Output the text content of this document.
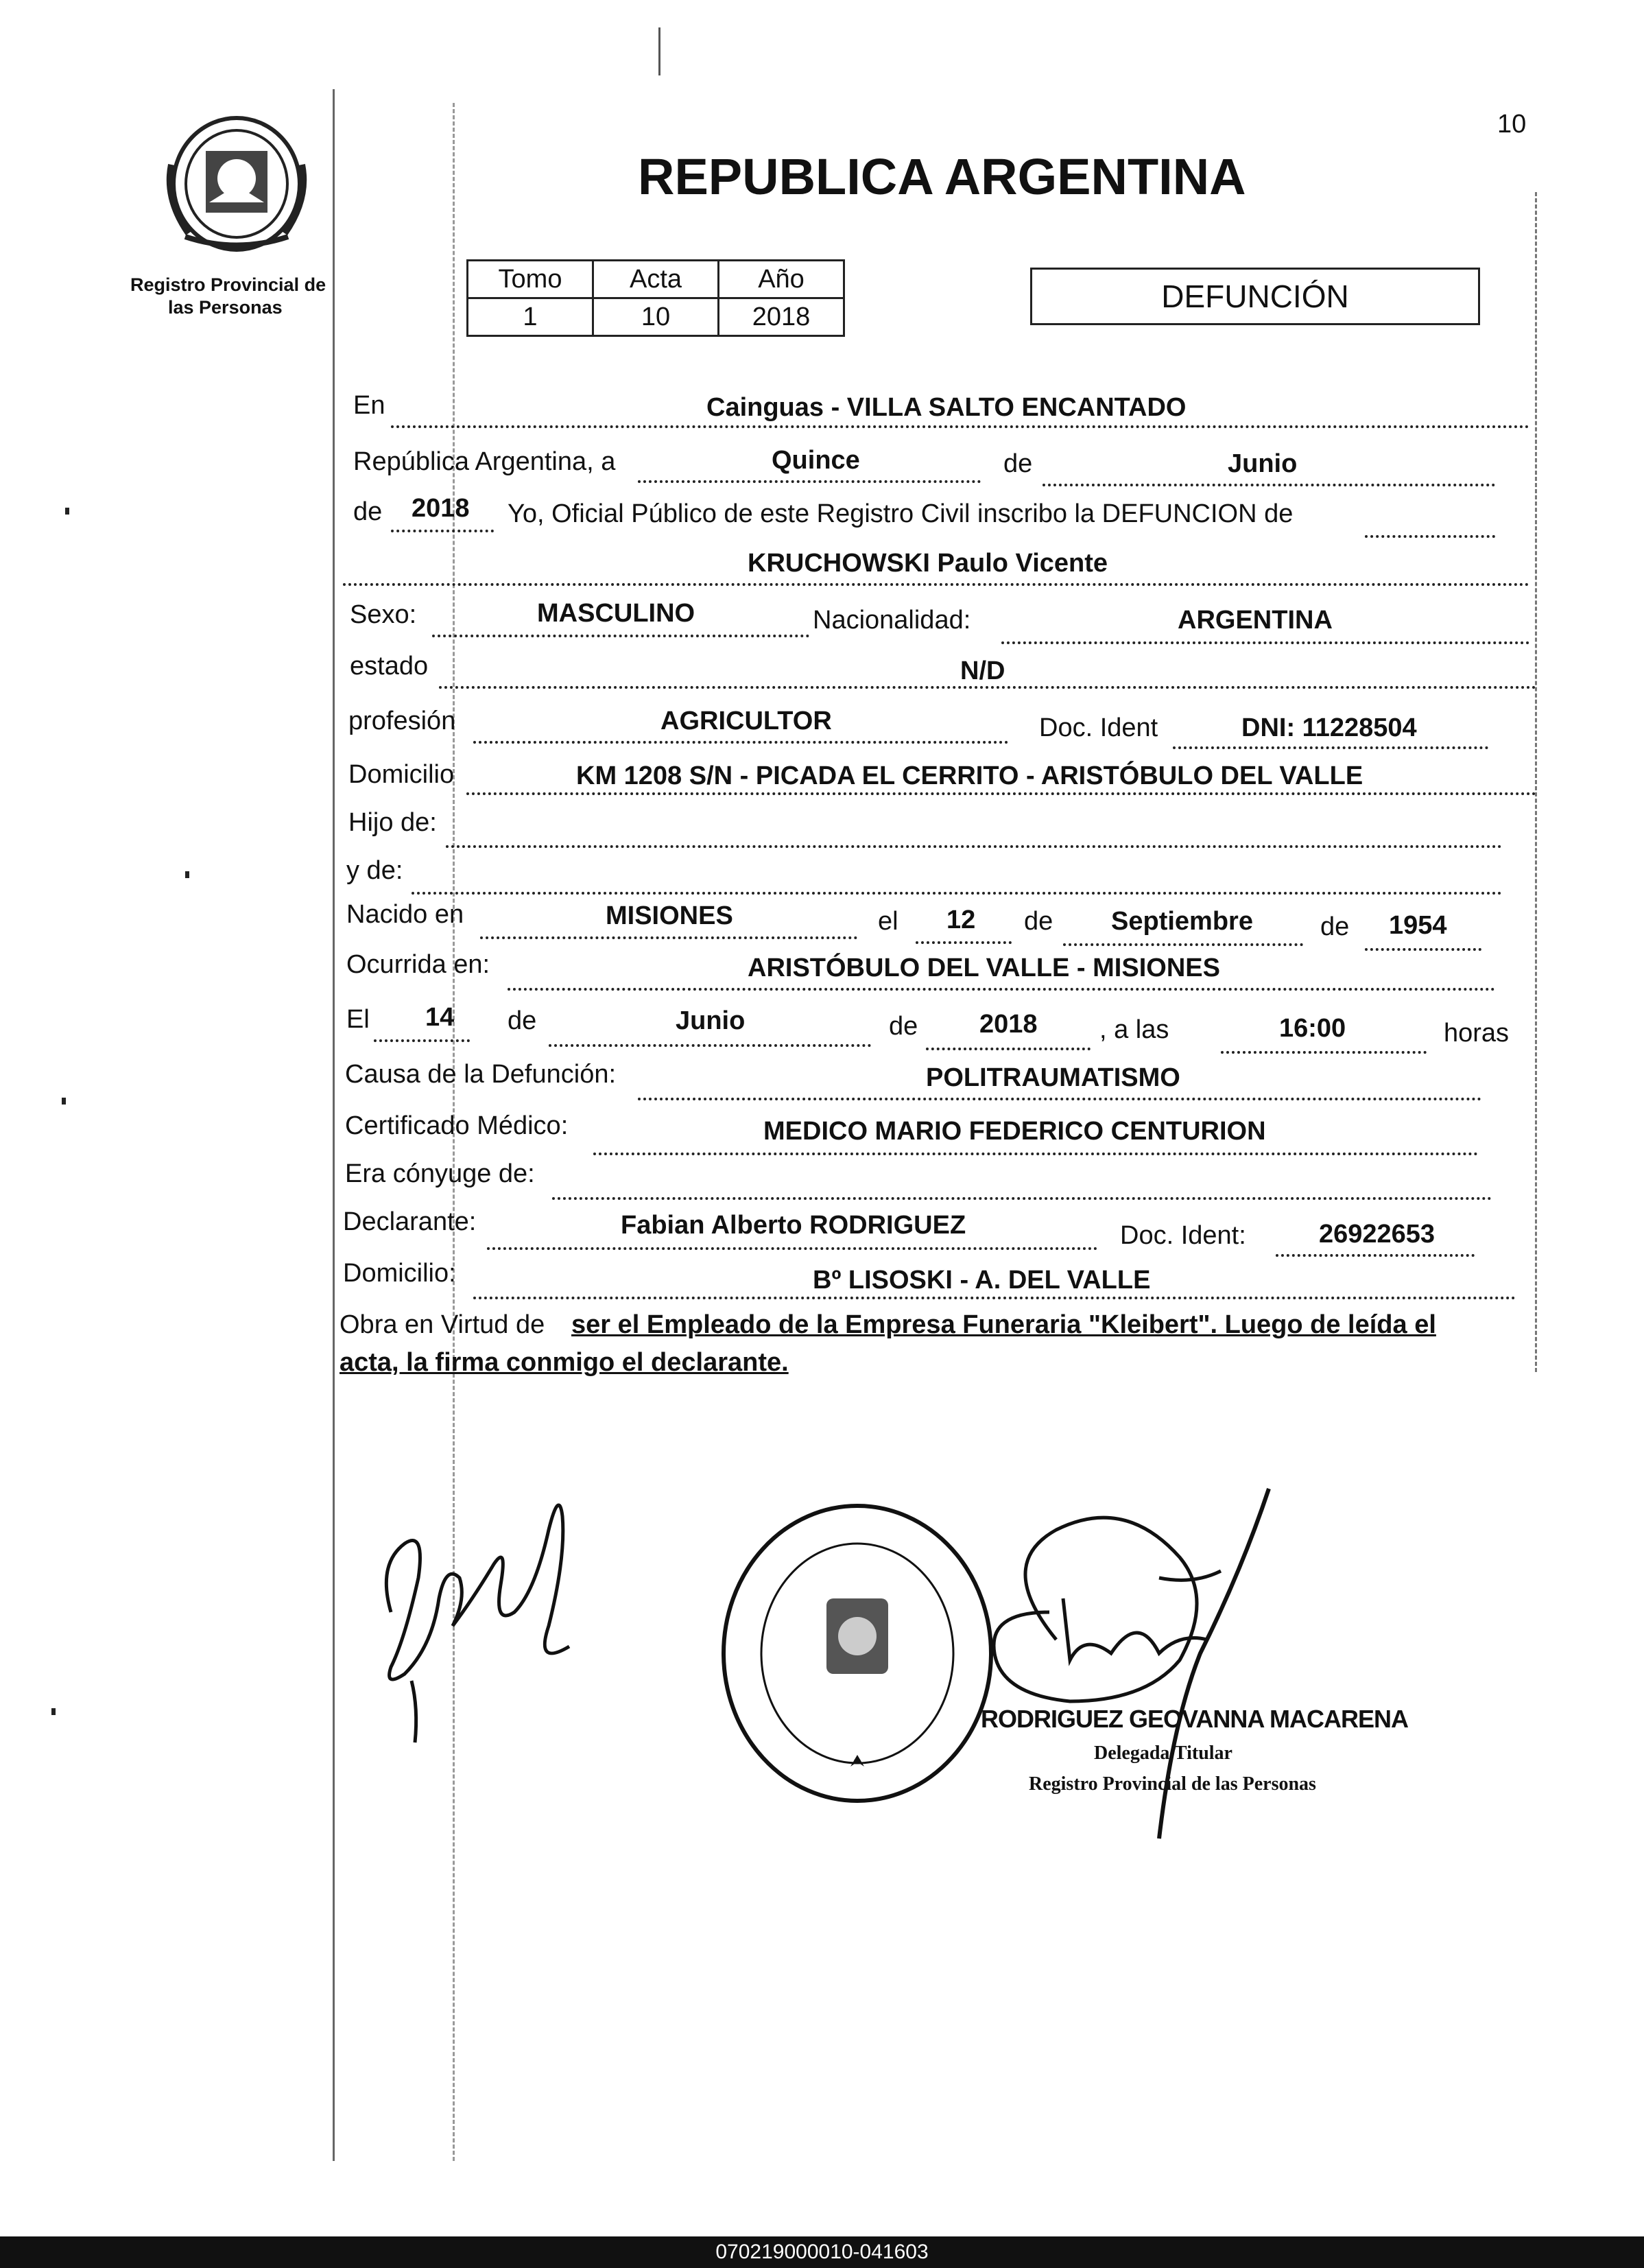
10
Registro Provincial de
las Personas
REPUBLICA ARGENTINA
Tomo	Acta	Año
1	10	2018
DEFUNCIÓN
En	Cainguas - VILLA SALTO ENCANTADO
República Argentina, a	Quince	de	Junio
de 2018 Yo, Oficial Público de este Registro Civil inscribo la DEFUNCION de
KRUCHOWSKI Paulo Vicente
Sexo:	MASCULINO	Nacionalidad:	ARGENTINA
estado	N/D
profesión	AGRICULTOR	Doc. Ident	DNI: 11228504
Domicilio	KM 1208 S/N - PICADA EL CERRITO - ARISTÓBULO DEL VALLE
Hijo de:
y de:
Nacido en	MISIONES	el 12 de Septiembre	de 1954
Ocurrida en:	ARISTÓBULO DEL VALLE - MISIONES
El 14 de	Junio	de 2018 , a las	16:00	horas
Causa de la Defunción:	POLITRAUMATISMO
Certificado Médico:	MEDICO MARIO FEDERICO CENTURION
Era cónyuge de:
Declarante:	Fabian Alberto RODRIGUEZ	Doc. Ident:	26922653
Domicilio:	Bº LISOSKI - A. DEL VALLE
Obra en Virtud de ser el Empleado de la Empresa Funeraria "Kleibert". Luego de leída el
acta, la firma conmigo el declarante.
RODRIGUEZ GEOVANNA MACARENA
Delegada Titular
Registro Provincial de las Personas
070219000010-041603
